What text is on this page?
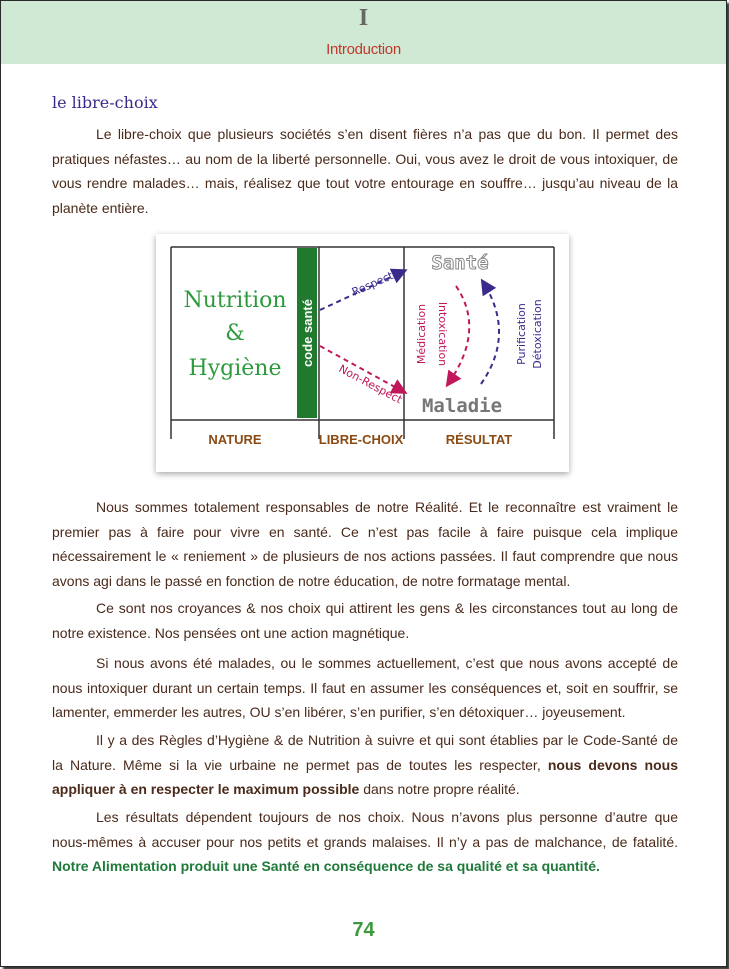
I
Introduction
le libre-choix
Le libre-choix que plusieurs sociétés s’en disent fières n’a pas que du bon. Il permet des pratiques néfastes… au nom de la liberté personnelle. Oui, vous avez le droit de vous intoxiquer, de vous rendre malades… mais, réalisez que tout votre entourage en souffre… jusqu’au niveau de la planète entière.
code santé
Nutrition
&
Hygiène
Respect
Non-Respect
Santé
Maladie
Intoxication
Médication	Purification Détoxication
NATURE	LIBRE-CHOIX	RÉSULTAT
Nous sommes totalement responsables de notre Réalité. Et le reconnaître est vraiment le premier pas à faire pour vivre en santé. Ce n’est pas facile à faire puisque cela implique nécessairement le « reniement » de plusieurs de nos actions passées. Il faut comprendre que nous avons agi dans le passé en fonction de notre éducation, de notre formatage mental.
Ce sont nos croyances & nos choix qui attirent les gens & les circonstances tout au long de notre existence. Nos pensées ont une action magnétique.
Si nous avons été malades, ou le sommes actuellement, c’est que nous avons accepté de nous intoxiquer durant un certain temps. Il faut en assumer les conséquences et, soit en souffrir, se lamenter, emmerder les autres, OU s’en libérer, s’en purifier, s’en détoxiquer… joyeusement.
Il y a des Règles d’Hygiène & de Nutrition à suivre et qui sont établies par le Code-Santé de la Nature. Même si la vie urbaine ne permet pas de toutes les respecter, nous devons nous appliquer à en respecter le maximum possible dans notre propre réalité.
Les résultats dépendent toujours de nos choix. Nous n’avons plus personne d’autre que nous-mêmes à accuser pour nos petits et grands malaises. Il n’y a pas de malchance, de fatalité. Notre Alimentation produit une Santé en conséquence de sa qualité et sa quantité.
74
